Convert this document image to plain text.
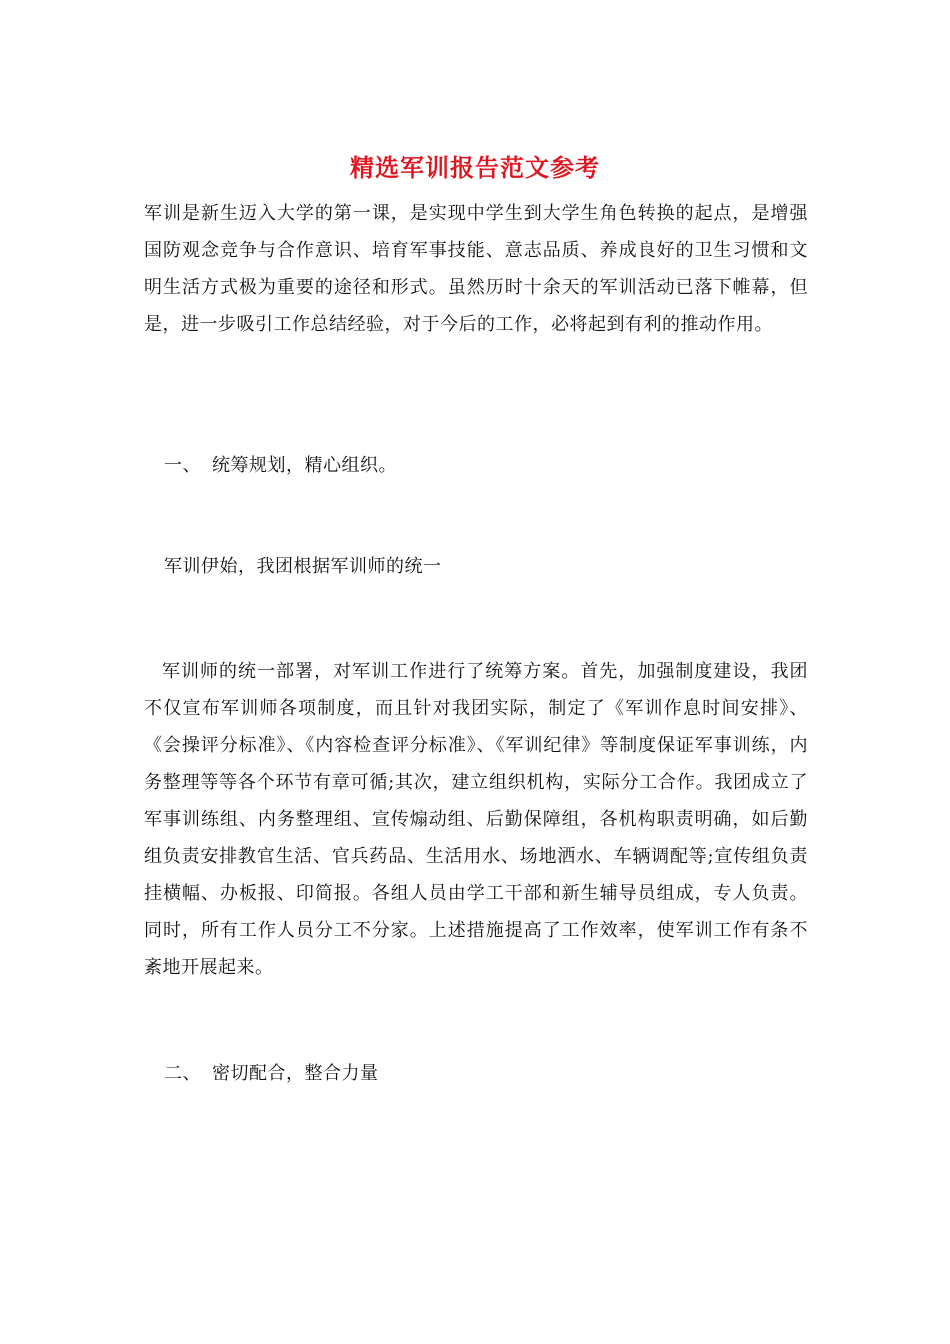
精选军训报告范文参考
军训是新生迈入大学的第一课，是实现中学生到大学生角色转换的起点，是增强国防观念竞争与合作意识、培育军事技能、意志品质、养成良好的卫生习惯和文明生活方式极为重要的途径和形式。虽然历时十余天的军训活动已落下帷幕，但是，进一步吸引工作总结经验，对于今后的工作，必将起到有利的推动作用。
一、 统筹规划，精心组织。
军训伊始，我团根据军训师的统一
军训师的统一部署，对军训工作进行了统筹方案。首先，加强制度建设，我团不仅宣布军训师各项制度，而且针对我团实际，制定了《军训作息时间安排》、《会操评分标准》、《内容检查评分标准》、《军训纪律》等制度保证军事训练，内务整理等等各个环节有章可循;其次，建立组织机构，实际分工合作。我团成立了军事训练组、内务整理组、宣传煽动组、后勤保障组，各机构职责明确，如后勤组负责安排教官生活、官兵药品、生活用水、场地洒水、车辆调配等;宣传组负责挂横幅、办板报、印简报。各组人员由学工干部和新生辅导员组成，专人负责。同时，所有工作人员分工不分家。上述措施提高了工作效率，使军训工作有条不紊地开展起来。
二、 密切配合，整合力量
